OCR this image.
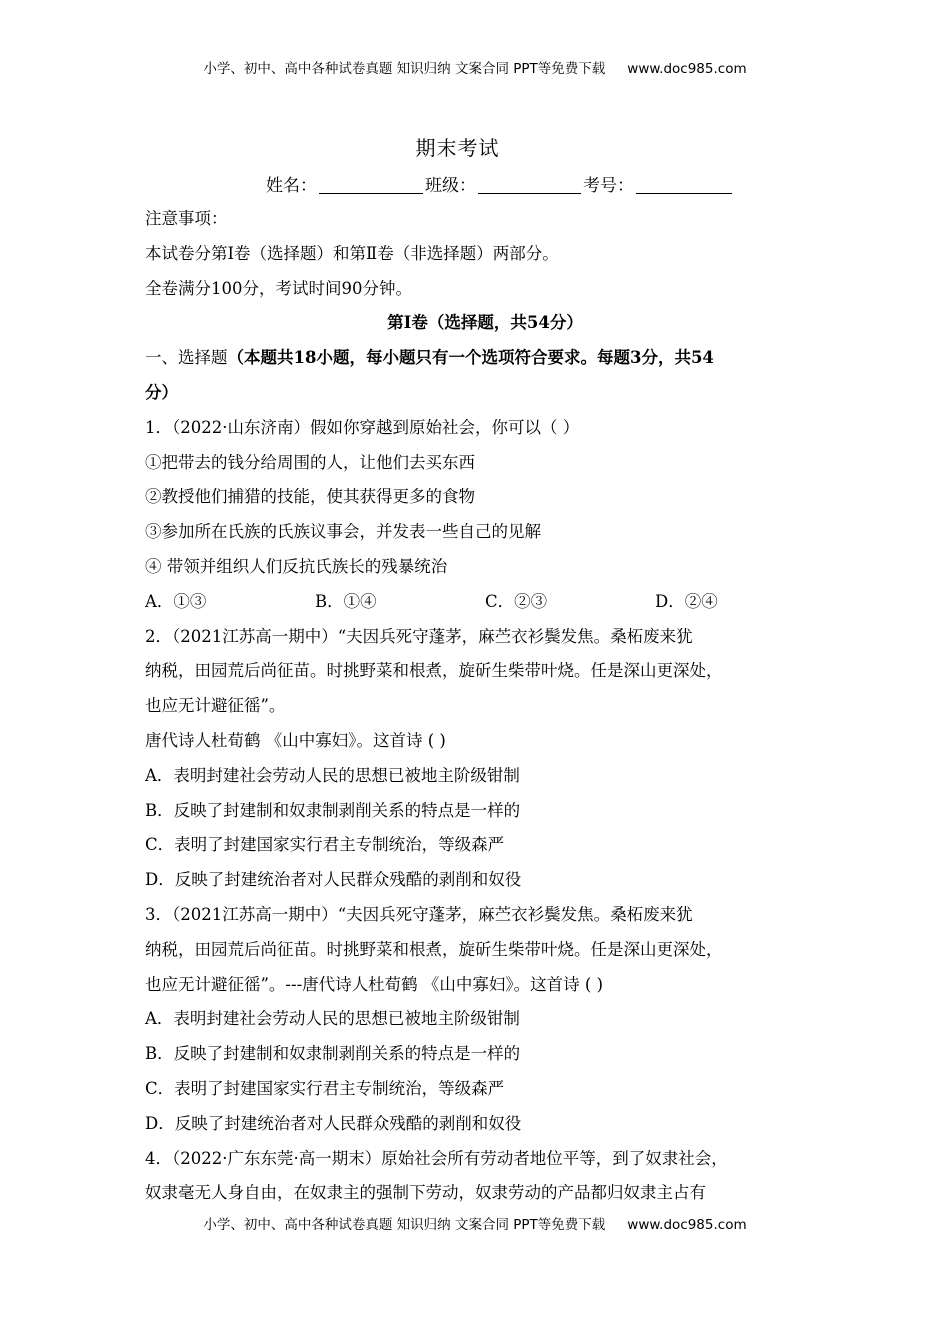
小学、初中、高中各种试卷真题 知识归纳 文案合同 PPT等免费下载 www.doc985.com
期末考试
姓名：	班级：	考号：
注意事项：
本试卷分第Ⅰ卷（选择题）和第Ⅱ卷（非选择题）两部分。
全卷满分100分，考试时间90分钟。
第Ⅰ卷（选择题，共54分）
一、选择题（本题共18小题，每小题只有一个选项符合要求。每题3分，共54
分）
1．（2022·山东济南）假如你穿越到原始社会，你可以（ ）
①把带去的钱分给周围的人，让他们去买东西
②教授他们捕猎的技能，使其获得更多的食物
③参加所在氏族的氏族议事会，并发表一些自己的见解
④ 带领并组织人们反抗氏族长的残暴统治
A．①③	B．①④	C．②③	D．②④
2．（2021江苏高一期中）“夫因兵死守蓬茅，麻苎衣衫鬓发焦。桑柘废来犹
纳税，田园荒后尚征苗。时挑野菜和根煮，旋斫生柴带叶烧。任是深山更深处，
也应无计避征徭”。
唐代诗人杜荀鹤 《山中寡妇》。这首诗 ( )
A．表明封建社会劳动人民的思想已被地主阶级钳制
B．反映了封建制和奴隶制剥削关系的特点是一样的
C．表明了封建国家实行君主专制统治，等级森严
D．反映了封建统治者对人民群众残酷的剥削和奴役
3．（2021江苏高一期中）“夫因兵死守蓬茅，麻苎衣衫鬓发焦。桑柘废来犹
纳税，田园荒后尚征苗。时挑野菜和根煮，旋斫生柴带叶烧。任是深山更深处，
也应无计避征徭”。---唐代诗人杜荀鹤 《山中寡妇》。这首诗 ( )
A．表明封建社会劳动人民的思想已被地主阶级钳制
B．反映了封建制和奴隶制剥削关系的特点是一样的
C．表明了封建国家实行君主专制统治，等级森严
D．反映了封建统治者对人民群众残酷的剥削和奴役
4．（2022·广东东莞·高一期末）原始社会所有劳动者地位平等，到了奴隶社会，
奴隶毫无人身自由，在奴隶主的强制下劳动，奴隶劳动的产品都归奴隶主占有
小学、初中、高中各种试卷真题 知识归纳 文案合同 PPT等免费下载 www.doc985.com
